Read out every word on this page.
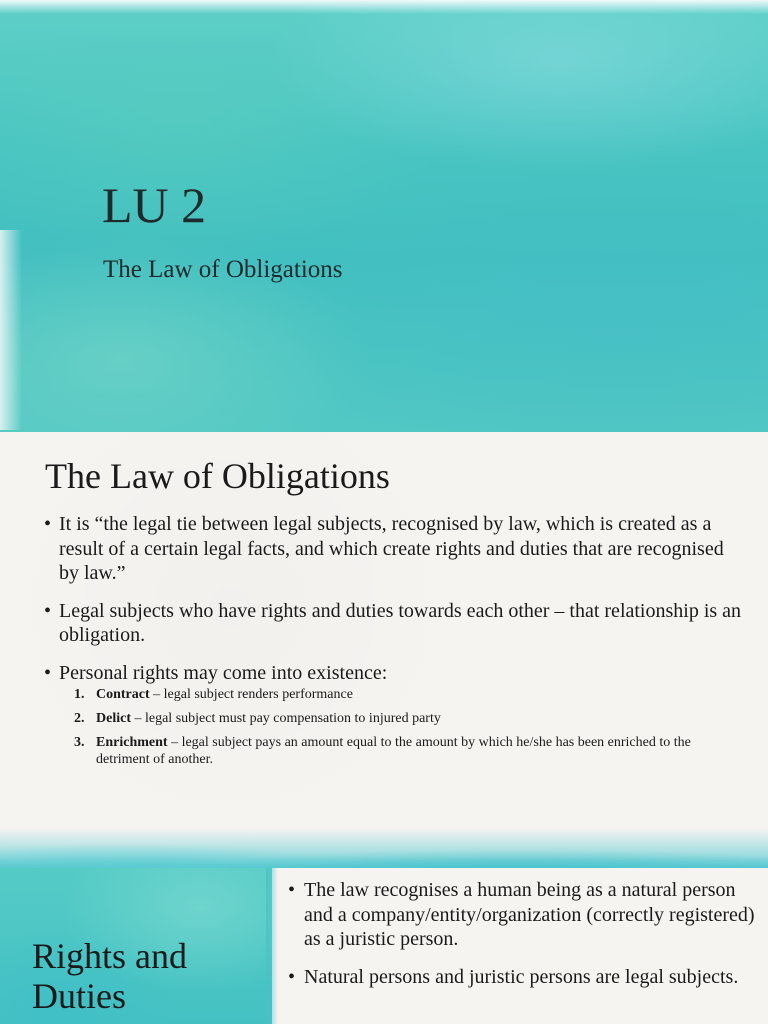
LU 2
The Law of Obligations
The Law of Obligations
• It is “the legal tie between legal subjects, recognised by law, which is created as a result of a certain legal facts, and which create rights and duties that are recognised by law.”
• Legal subjects who have rights and duties towards each other – that relationship is an obligation.
• Personal rights may come into existence:
1. Contract – legal subject renders performance
2. Delict – legal subject must pay compensation to injured party
3. Enrichment – legal subject pays an amount equal to the amount by which he/she has been enriched to the detriment of another.
Rights and Duties
• The law recognises a human being as a natural person and a company/entity/organization (correctly registered) as a juristic person.
• Natural persons and juristic persons are legal subjects.
